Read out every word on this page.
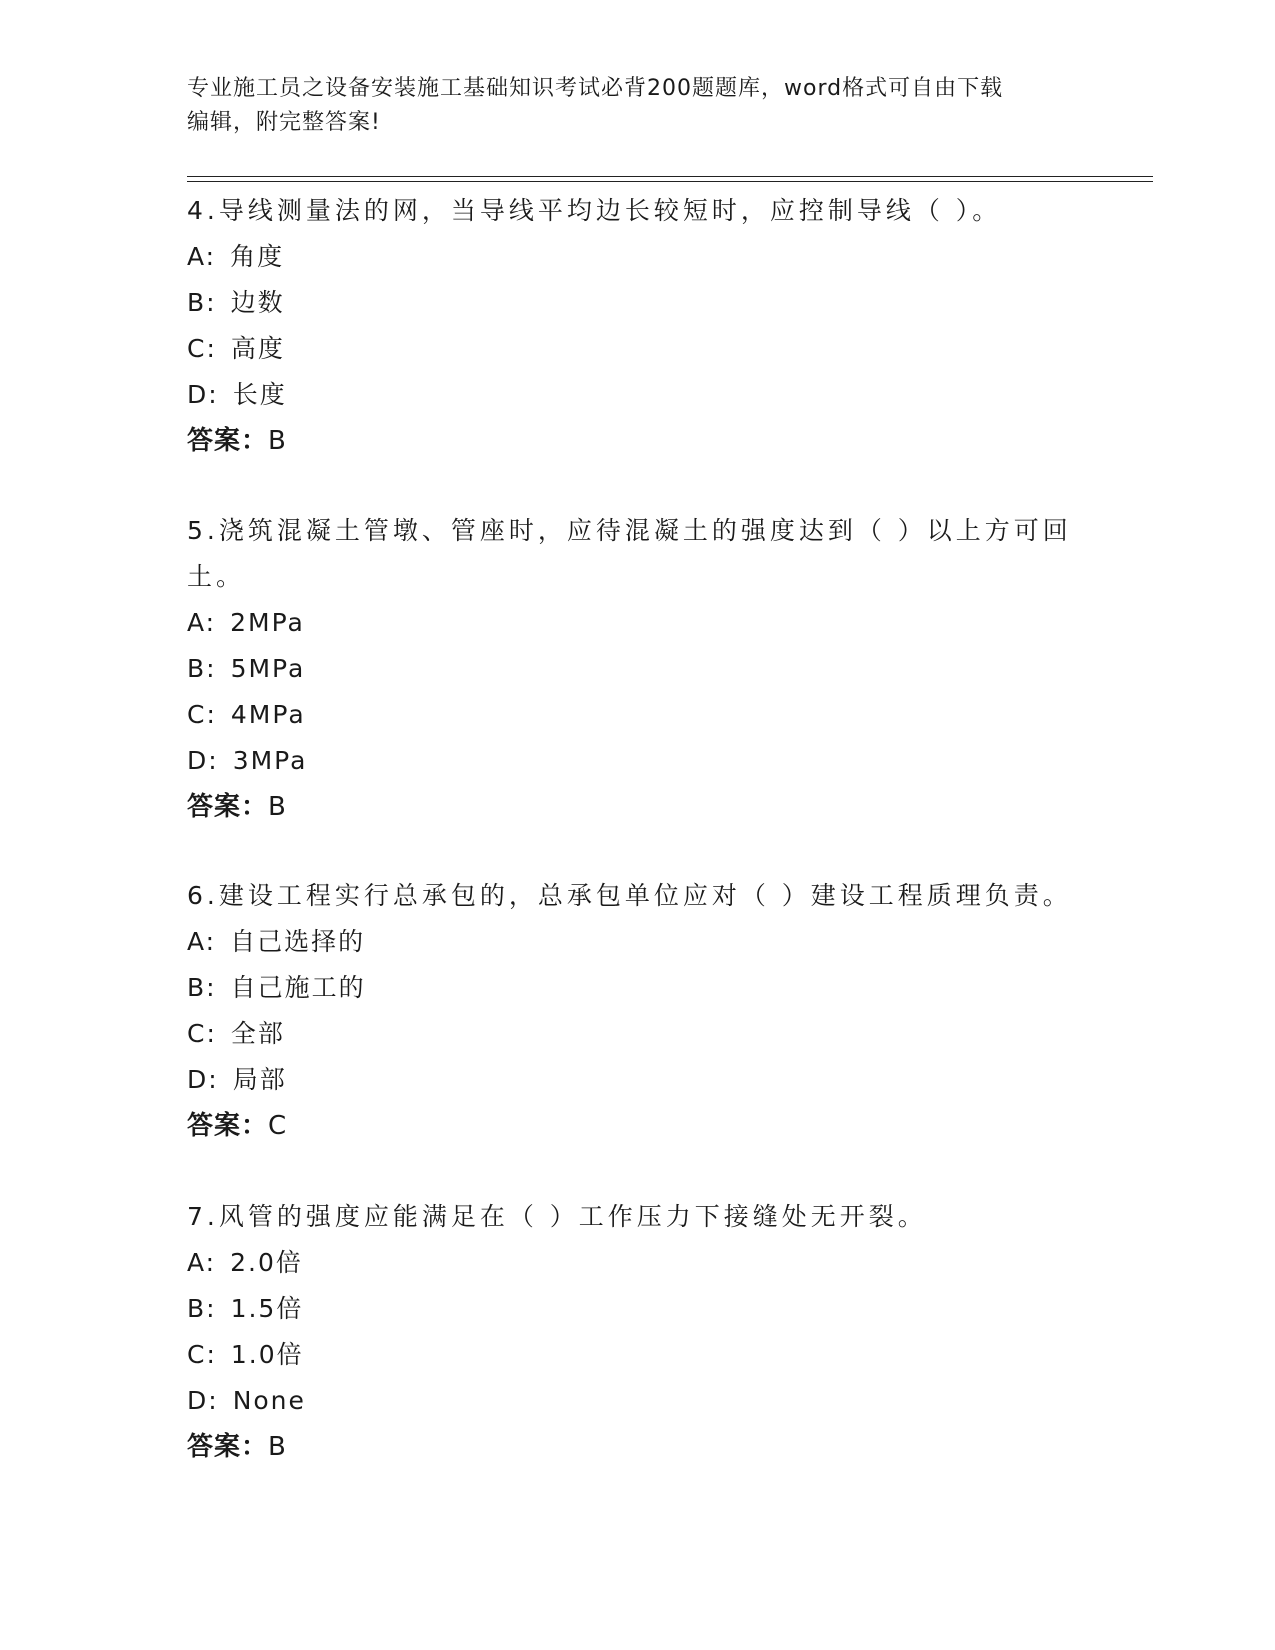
专业施工员之设备安装施工基础知识考试必背200题题库，word格式可自由下载
编辑，附完整答案!

4.导线测量法的网，当导线平均边长较短时，应控制导线（ ）。

A: 角度

B: 边数

C: 高度

D: 长度

答案：B

5.浇筑混凝土管墩、管座时，应待混凝土的强度达到（ ）以上方可回

土。

A: 2MPa

B: 5MPa

C: 4MPa

D: 3MPa

答案：B

6.建设工程实行总承包的，总承包单位应对（ ）建设工程质理负责。

A: 自己选择的

B: 自己施工的

C: 全部

D: 局部

答案：C

7.风管的强度应能满足在（ ）工作压力下接缝处无开裂。

A: 2.0倍

B: 1.5倍

C: 1.0倍

D: None

答案：B
